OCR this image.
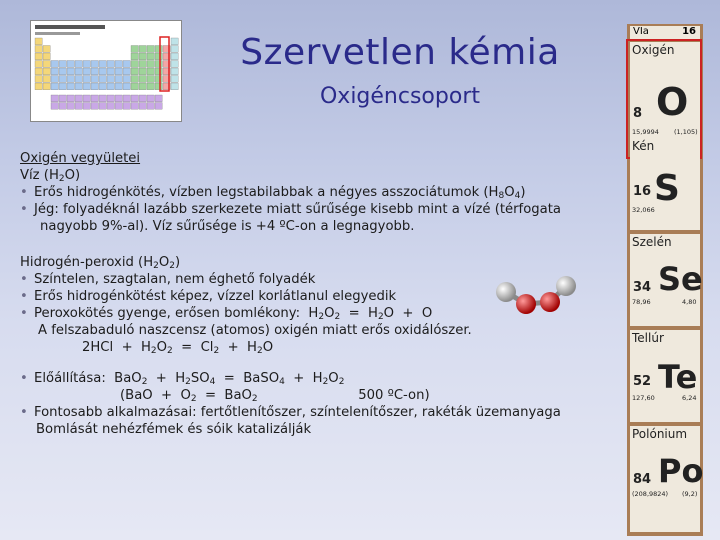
Szervetlen kémia
Oxigéncsoport
Oxigén vegyületei
Víz $(H_2O)$
• Erős hidrogénkötés, vízben legstabilabbak a négyes asszociátumok $(H_8O_4)$
• Jég: folyadéknál lazább szerkezete miatt sűrűsége kisebb mint a vízé (térfogata
nagyobb 9%-al). Víz sűrűsége is +4 ºC-on a legnagyobb.
Hidrogén-peroxid $(H_2O_2)$
• Színtelen, szagtalan, nem éghető folyadék
• Erős hidrogénkötést képez, vízzel korlátlanul elegyedik
• Peroxokötés gyenge, erősen bomlékony:  $H_2O_2 = H_2O + O$
A felszabaduló naszcensz (atomos) oxigén miatt erős oxidálószer.
$2HCl + H_2O_2 = Cl_2 + H_2O$
• Előállítása:  $BaO_2 + H_2SO_4$  =  BaSO$_4$  +  $H_2O_2$
($BaO + O_2 = BaO_2$                        500 ºC-on)
• Fontosabb alkalmazásai: fertőtlenítőszer, színtelenítőszer, rakéták üzemanyaga
Bomlását nehézfémek és sóik katalizálják
VIa	16
Oxigén
O
8
15,9994 (1,105)
Kén
S
16
32,066
Szelén
Se
34
78,96	4,80
Tellúr
Te
52
127,60	6,24
Polónium
Po
84
(208,9824) (9,2)
